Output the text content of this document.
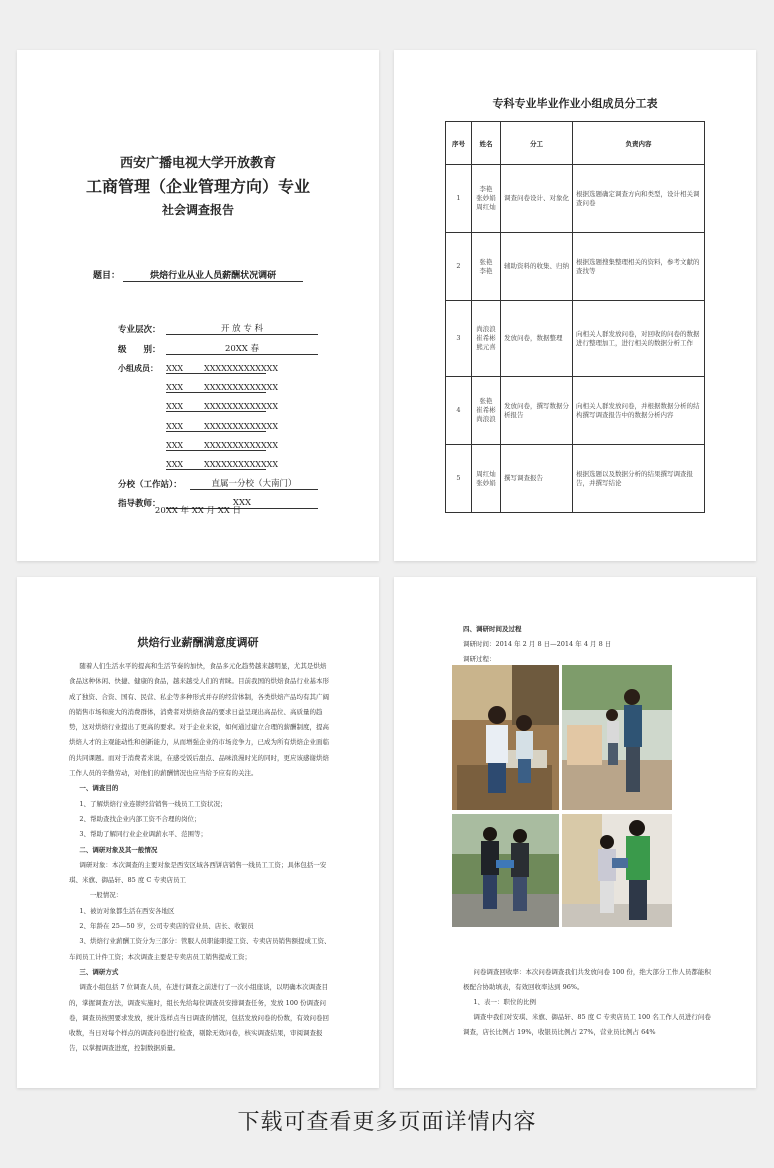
西安广播电视大学开放教育
工商管理（企业管理方向）专业
社会调查报告
题目：	烘焙行业从业人员薪酬状况调研
专业层次：	开 放 专 科
级　　别：	20XX 春
小组成员：	XXX	XXXXXXXXXXXXX
XXX	XXXXXXXXXXXXX
XXX	XXXXXXXXXXXXX
XXX	XXXXXXXXXXXXX
XXX	XXXXXXXXXXXXX
XXX	XXXXXXXXXXXXX
分校（工作站）：	直属一分校（大南门）
指导教师：	XXX
20XX 年 XX 月 XX 日
专科专业毕业作业小组成员分工表
序号	姓名	分工	负责内容
1	李艳
张妙娟
周红灿	调查问卷设计、对象化	根据选题确定调查方向和类型，设计相关调查问卷
2	张艳
李艳	辅助资料的收集、归纳	根据选题搜集整理相关的资料，参考文献的查找等
3	尚浪浪
崔希彬
熊元喜	发放问卷，数据整理	向相关人群发放问卷，对回收的问卷的数据进行整理加工，进行相关的数据分析工作
4	张艳
崔希彬
尚浪浪	发放问卷，撰写数据分析报告	向相关人群发放问卷，并根据数据分析的结构撰写调查报告中的数据分析内容
5	周红灿
张妙娟	撰写调查报告	根据选题以及数据分析的结果撰写调查报告，并撰写结论
烘焙行业薪酬满意度调研

随着人们生活水平的提高和生活节奏的加快，食品多元化趋势越来越明显，尤其是烘焙食品这种休闲、快捷、健康的食品，越来越受人们的青睐。目前我国的烘焙食品行业基本形成了独资、合资、国有、民营、私企等多种形式并存的经营体制，各类烘焙产品均有其广阔的销售市场和庞大的消费群体，消费者对烘焙食品的要求日益呈现出高品位、高质量的趋势，这对烘焙行业提出了更高的要求。对于企业来说，如何通过建立合理的薪酬制度，提高烘焙人才的主观能动性和创新能力，从而增强企业的市场竞争力，已成为所有烘焙企业面临的共同课题。而对于消费者来说，在感受饭后甜点、品味浪漫时光的同时，更应该感谢烘焙工作人员的辛勤劳动，对他们的薪酬情况也应当给予应有的关注。

一、调查目的

1、了解烘焙行业连锁经营销售一线员工工资状况；

2、帮助查找企业内部工资不合理的岗位；

3、帮助了解同行业企业调薪水平、范围等；

二、调研对象及其一般情况

调研对象：本次调查的主要对象是西安区域各西饼店销售一线员工工资；具体包括一安琪、米旗、御品轩、85 度 C 专卖店员工

一般情况：

1、被访对象都生活在西安各地区

2、年龄在 25—50 岁，公司专卖店的营业员、店长、收银员

3、烘焙行业薪酬工资分为三部分：管服人员职能职提工资、专卖店员销售额提成工资、车间员工计件工资；本次调查主要是专卖店员工销售提成工资；

三、调研方式

调查小组包括 7 位调查人员，在进行调查之前进行了一次小组座谈，以明确本次调查目的，掌握调查方法，调查实施时，组长先给每位调查员安排调查任务，发放 100 份调查问卷，调查员按照要求发放，统计选样点当日调查的情况，包括发放问卷的份数，有效问卷回收数，当日对每个样点的调查问卷进行检查，剔除无效问卷，核实调查结果，审阅调查报告，以掌握调查进度，控制数据质量。

四、调研时间及过程

调研时间：2014 年 2 月 8 日—2014 年 4 月 8 日

调研过程：

问卷调查回收率：本次问卷调查我们共发放问卷 100 份，绝大部分工作人员都能积极配合协助填表，有效回收率达到 96%。

1、表一：职位的比例

调查中我们对安琪、米旗、御品轩、85 度 C 专卖店员工 100 名工作人员进行问卷调查，店长比例占 19%，收银员比例占 27%，营业员比例占 64%

下载可查看更多页面详情内容
